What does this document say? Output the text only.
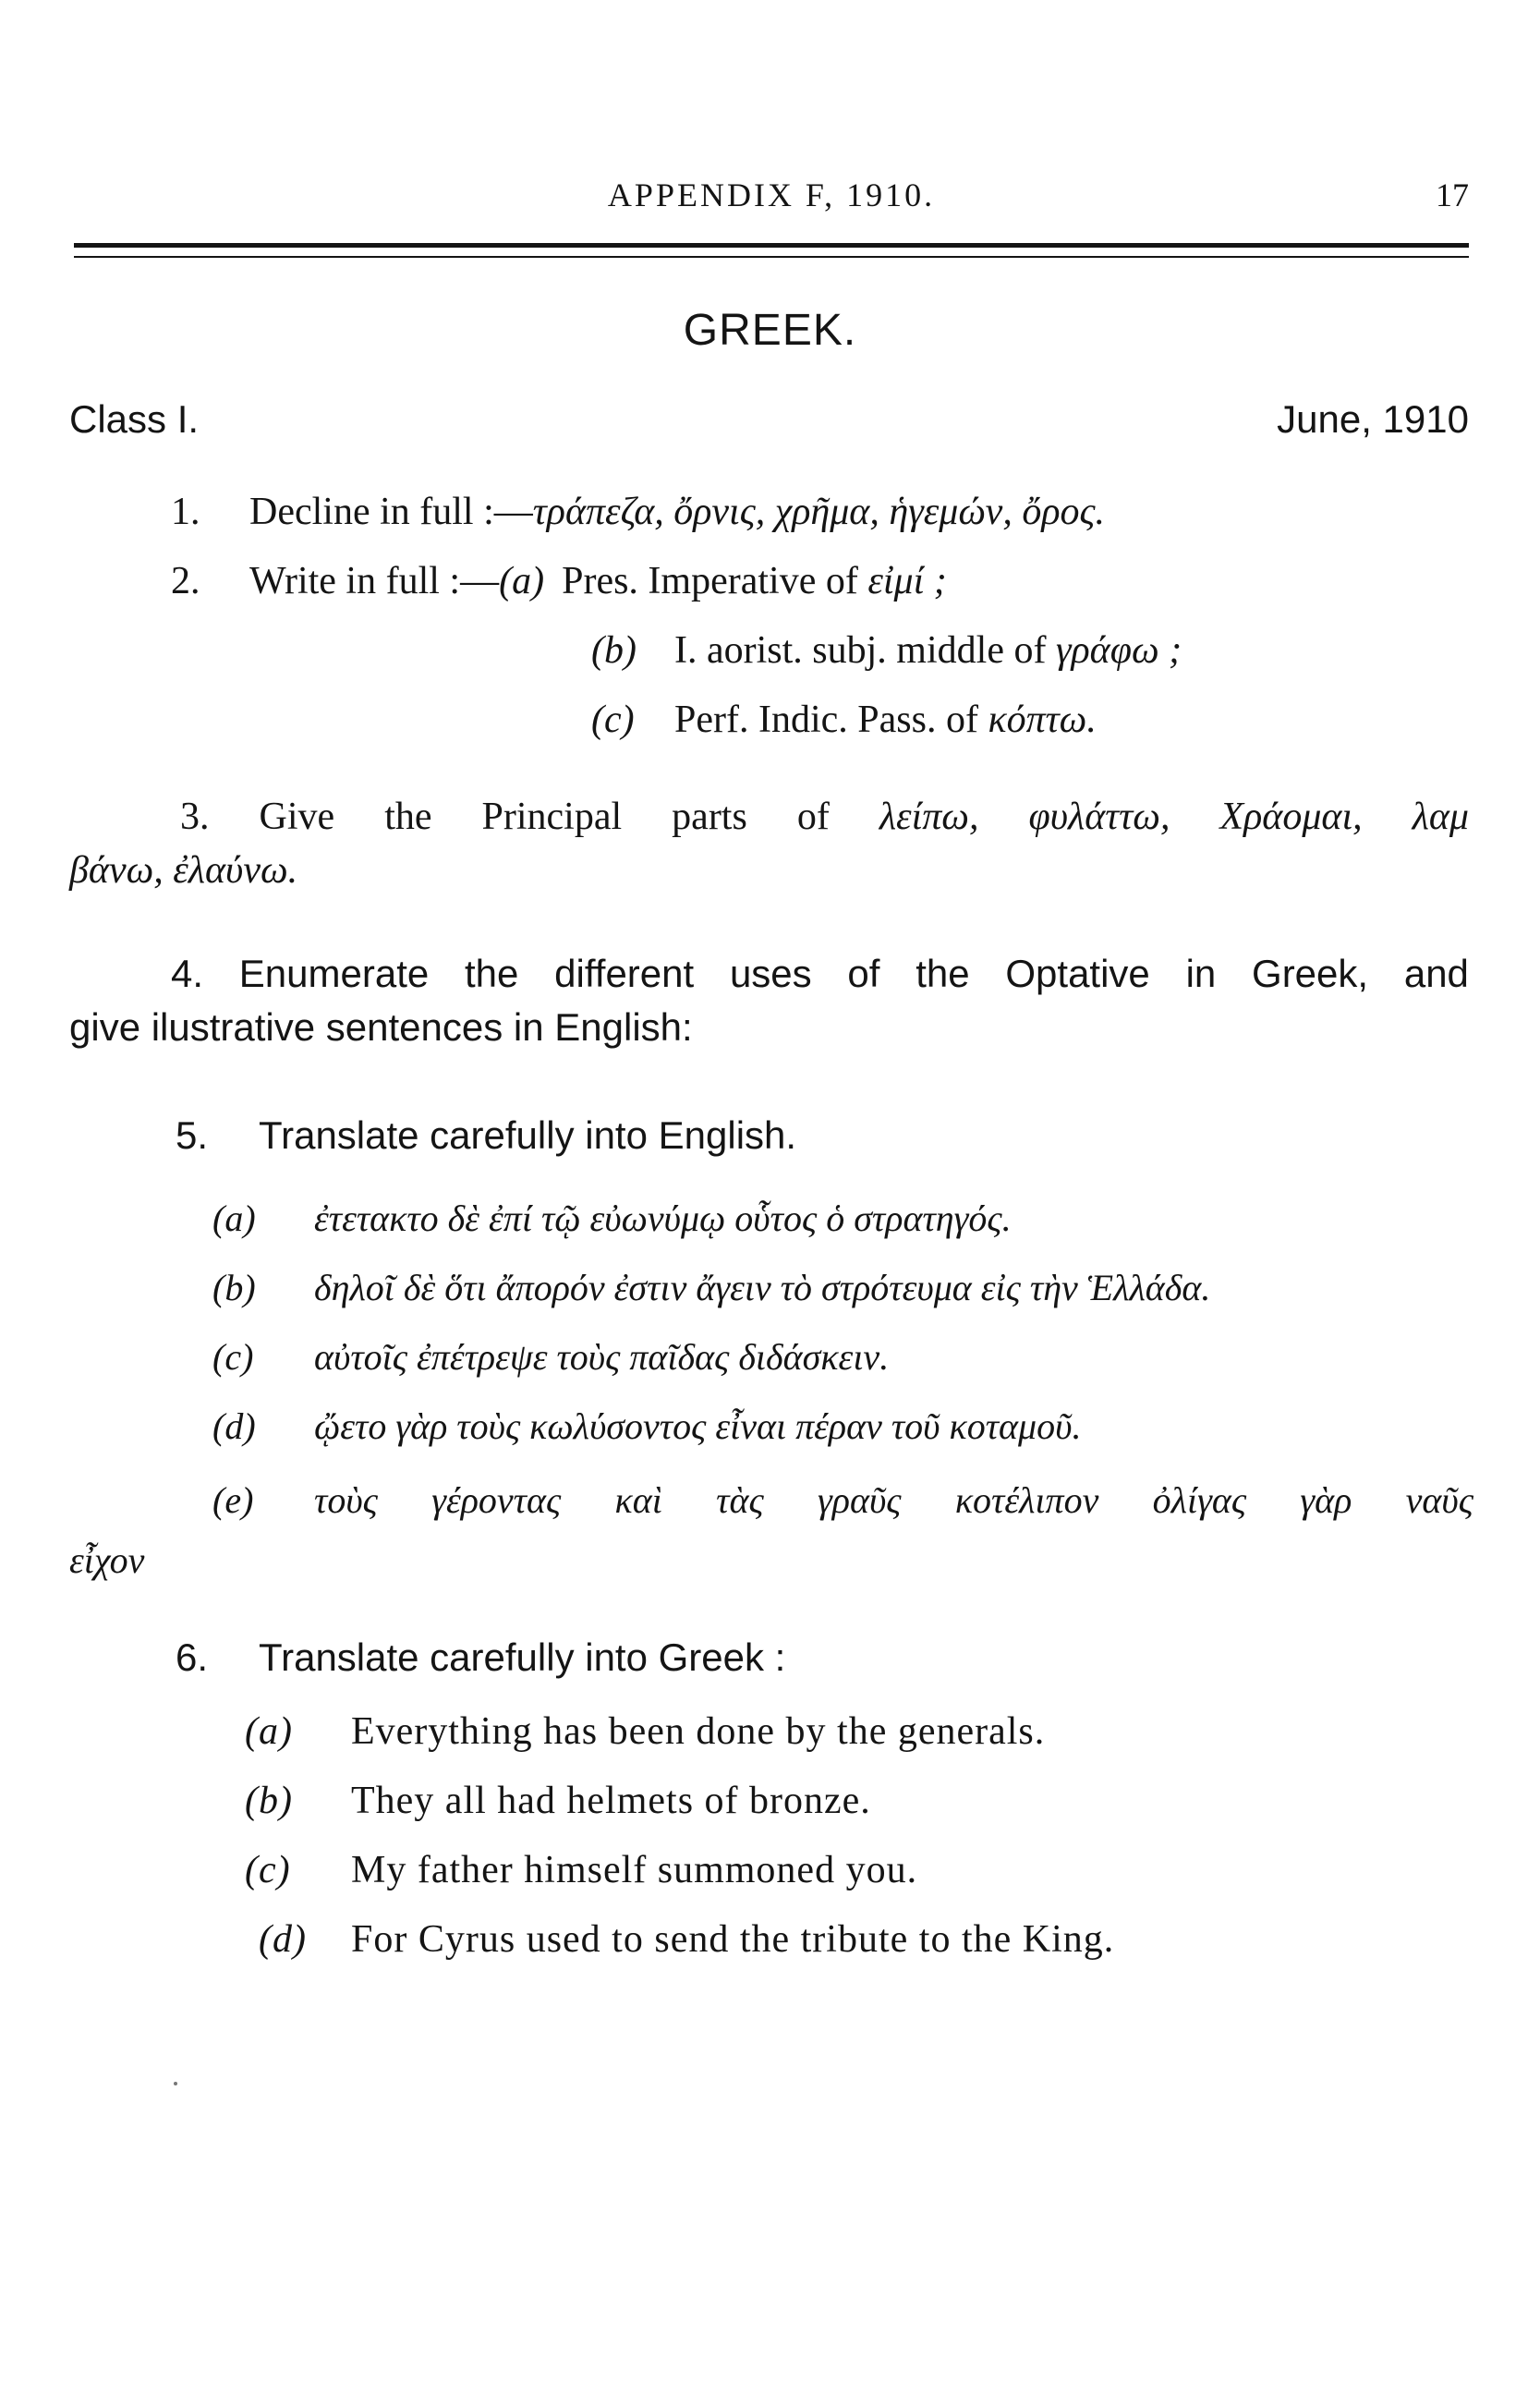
APPENDIX F, 1910.	17
GREEK.
Class I.	June, 1910
1. Decline in full :—τράπεζα, ὄρνις, χρῆμα, ἡγεμών, ὄρος.
2. Write in full :—(a) Pres. Imperative of εἰμί ;
(b) I. aorist. subj. middle of γράφω ;
(c) Perf. Indic. Pass. of κόπτω.
3. Give the Principal parts of λείπω, φυλάττω, Χράομαι, λαμ
βάνω, ἐλαύνω.
4. Enumerate the different uses of the Optative in Greek, and
give ilustrative sentences in English:
5. Translate carefully into English.
(a) ἐτετακτο δὲ ἐπί τῷ εὐωνύμῳ οὗτος ὁ στρατηγός.
(b) δηλοῖ δὲ ὅτι ἄπορόν ἐστιν ἄγειν τὸ στρότευμα εἰς τὴν Ἑλλάδα.
(c) αὐτοῖς ἐπέτρεψε τοὺς παῖδας διδάσκειν.
(d) ᾤετο γὰρ τοὺς κωλύσοντος εἶναι πέραν τοῦ κοταμοῦ.
(e)	τοὺς γέροντας καὶ τὰς γραῦς κοτέλιπον ὀλίγας γὰρ ναῦς
εἶχον
6. Translate carefully into Greek :
(a) Everything has been done by the generals.
(b) They all had helmets of bronze.
(c) My father himself summoned you.
(d) For Cyrus used to send the tribute to the King.
